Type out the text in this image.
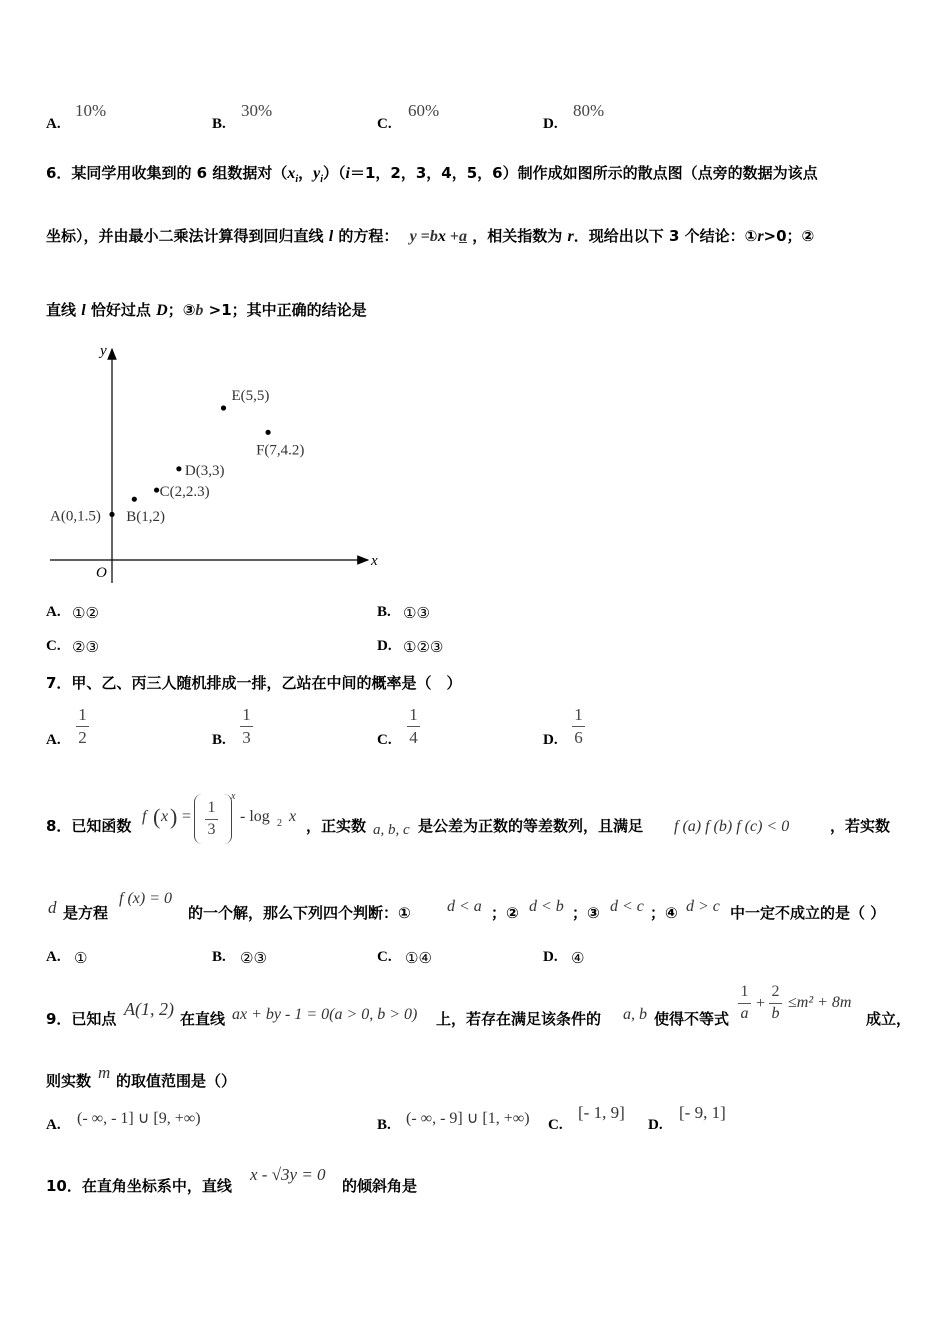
A.
10%
B.
30%
C.
60%
D.
80%
6．某同学用收集到的 6 组数据对（$x_i$，$y_i)(i=1$，2，3，4，5，6）制作成如图所示的散点图（点旁的数据为该点
坐标），并由最小二乘法计算得到回归直线 l 的方程： y =bx +a ，相关指数为 r．现给出以下 3 个结论：①r>0；②
直线 l 恰好过点 D；③b >1；其中正确的结论是
x
y
O
A(0,1.5) B(1,2)
C(2,2.3)
D(3,3)
E(5,5)
F(7,4.2)
A. ①②	B. ①③
C. ②③	D. ①②③
7．甲、乙、丙三人随机排成一排，乙站在中间的概率是（　）
A.
1
2	B.
1
3	C.
1
4	D.
1
6
8．已知函数
f ( x ) =
1
3
x
- log 2 x
，正实数 a, b, c 是公差为正数的等差数列，且满足 f (a) f (b) f (c) < 0	，若实数
d 是方程
f (x) = 0
的一个解，那么下列四个判断：① d < a ；② d < b ；③ d < c ；④ d > c 中一定不成立的是（ ）
A. ①	B. ②③	C. ①④	D. ④
9．已知点 A(1, 2) 在直线 ax + by - 1 = 0(a > 0, b > 0) 上，若存在满足该条件的 a, b 使得不等式
1
a
+
2
b
≤m² + 8m
成立，
则实数 m 的取值范围是（）
A. (- ∞, - 1] ∪ [9, +∞)	B. (- ∞, - 9] ∪ [1, +∞) C.
[- 1, 9]
D.
[- 9, 1]
10．在直角坐标系中，直线
x - √3y = 0
的倾斜角是
